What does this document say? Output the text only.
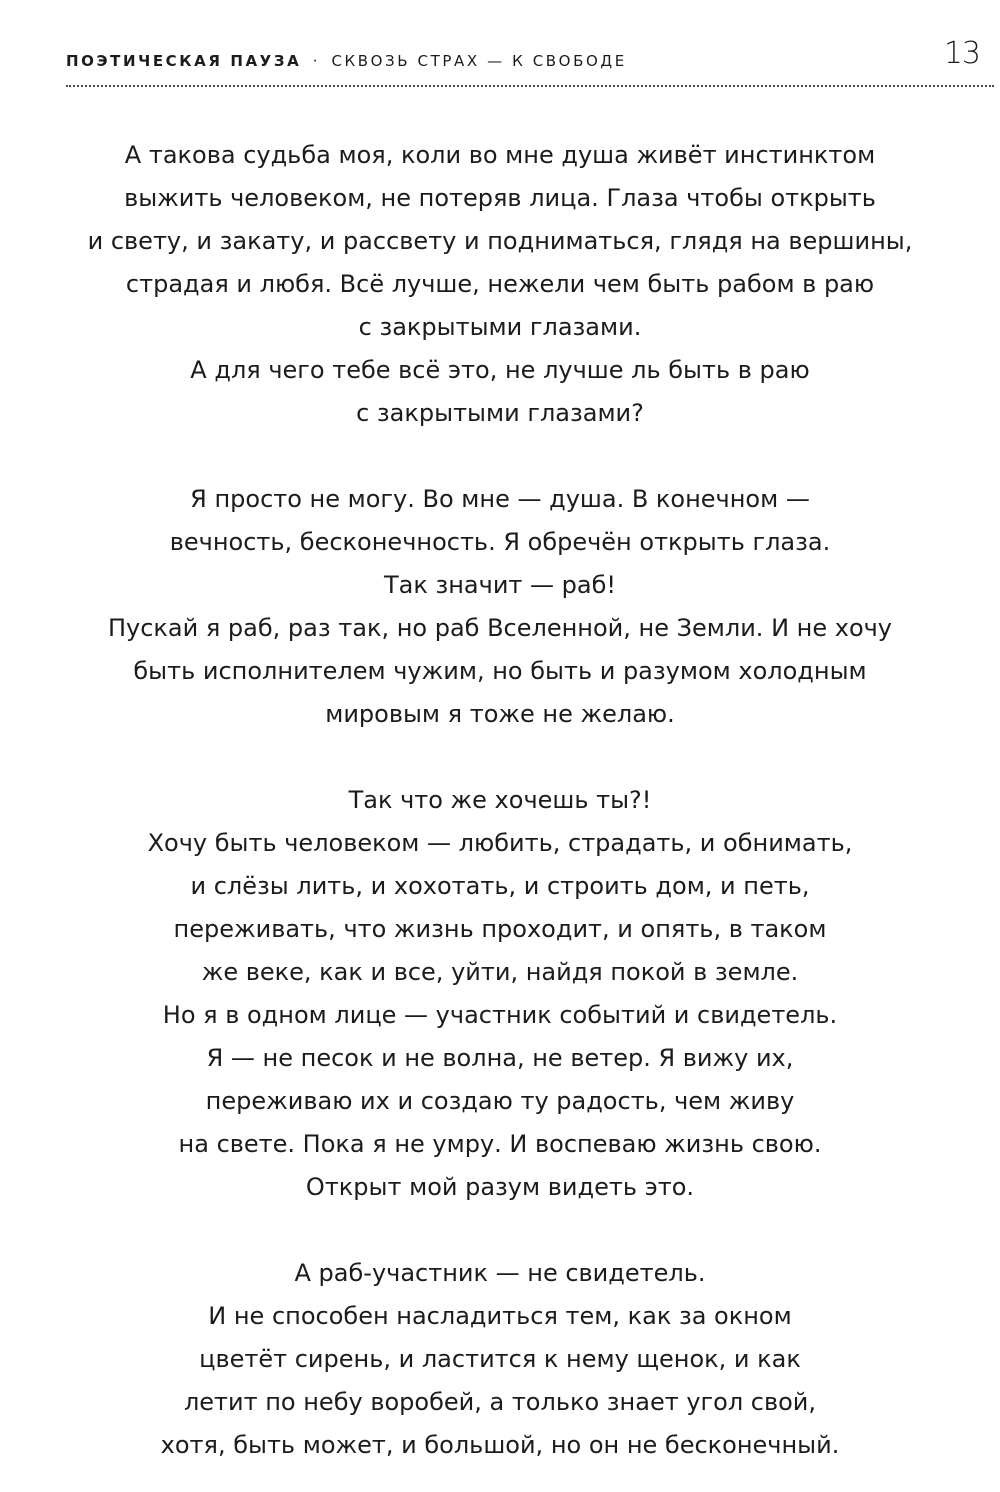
ПОЭТИЧЕСКАЯ ПАУЗА · СКВОЗЬ СТРАХ — К СВОБОДЕ	13
А такова судьба моя, коли во мне душа живёт инстинктом
выжить человеком, не потеряв лица. Глаза чтобы открыть
и свету, и закату, и рассвету и подниматься, глядя на вершины,
страдая и любя. Всё лучше, нежели чем быть рабом в раю
с закрытыми глазами.
А для чего тебе всё это, не лучше ль быть в раю
с закрытыми глазами?
Я просто не могу. Во мне — душа. В конечном —
вечность, бесконечность. Я обречён открыть глаза.
Так значит — раб!
Пускай я раб, раз так, но раб Вселенной, не Земли. И не хочу
быть исполнителем чужим, но быть и разумом холодным
мировым я тоже не желаю.
Так что же хочешь ты?!
Хочу быть человеком — любить, страдать, и обнимать,
и слёзы лить, и хохотать, и строить дом, и петь,
переживать, что жизнь проходит, и опять, в таком
же веке, как и все, уйти, найдя покой в земле.
Но я в одном лице — участник событий и свидетель.
Я — не песок и не волна, не ветер. Я вижу их,
переживаю их и создаю ту радость, чем живу
на свете. Пока я не умру. И воспеваю жизнь свою.
Открыт мой разум видеть это.
А раб-участник — не свидетель.
И не способен насладиться тем, как за окном
цветёт сирень, и ластится к нему щенок, и как
летит по небу воробей, а только знает угол свой,
хотя, быть может, и большой, но он не бесконечный.
